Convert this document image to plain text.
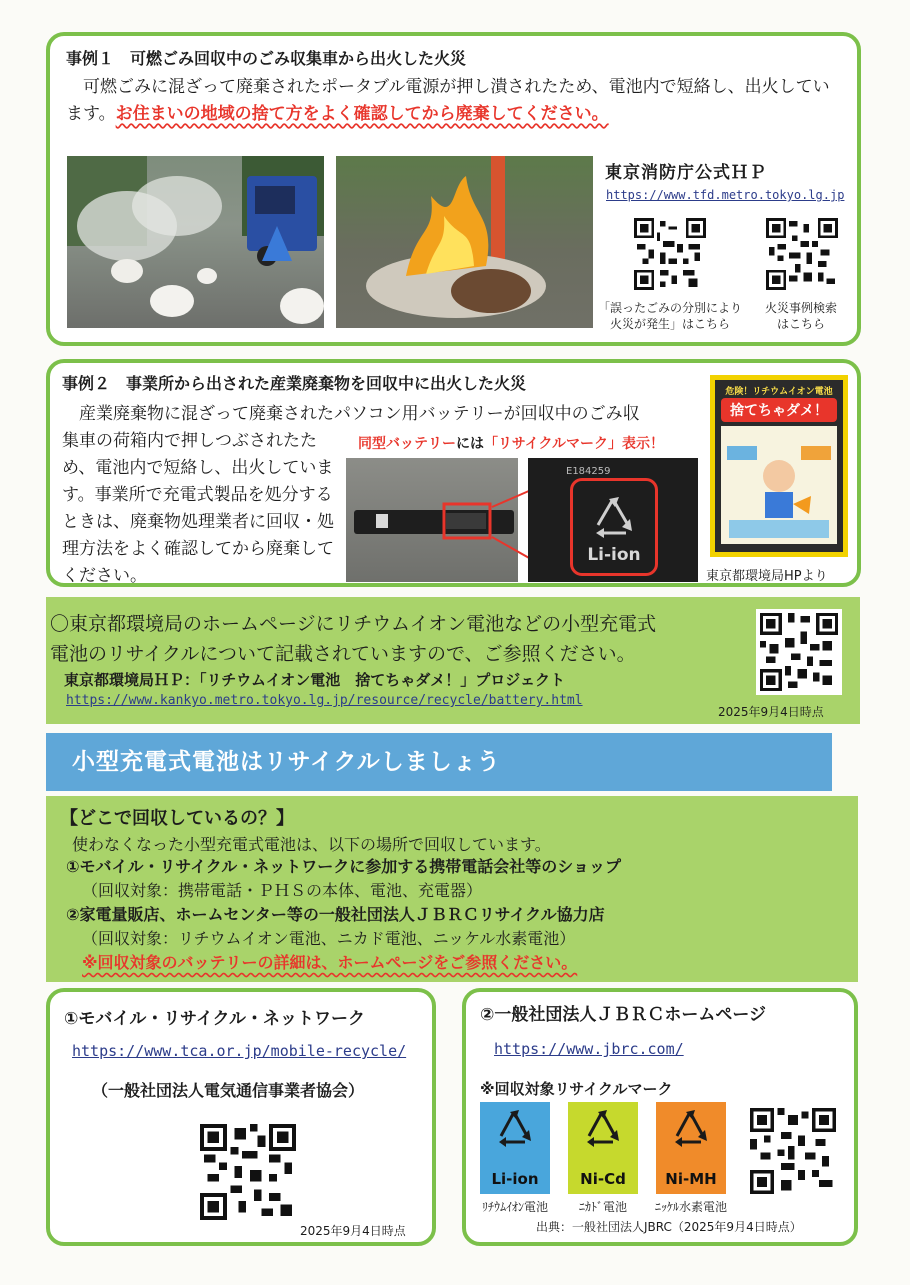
事例１　可燃ごみ回収中のごみ収集車から出火した火災
可燃ごみに混ざって廃棄されたポータブル電源が押し潰されたため、電池内で短絡し、出火しています。お住まいの地域の捨て方をよく確認してから廃棄してください。
東京消防庁公式ＨＰ
https://www.tfd.metro.tokyo.lg.jp
「誤ったごみの分別により
火災が発生」はこちら
火災事例検索
はこちら
事例２　事業所から出された産業廃棄物を回収中に出火した火災
産業廃棄物に混ざって廃棄されたパソコン用バッテリーが回収中のごみ収
集車の荷箱内で押しつぶされたため、電池内で短絡し、出火しています。事業所で充電式製品を処分するときは、廃棄物処理業者に回収・処理方法をよく確認してから廃棄してください。
同型バッテリーには「リサイクルマーク」表示！
E184259
Li-ion
危険！リチウムイオン電池
捨てちゃダメ！
東京都環境局HPより
〇東京都環境局のホームページにリチウムイオン電池などの小型充電式
電池のリサイクルについて記載されていますので、ご参照ください。
東京都環境局ＨＰ：「リチウムイオン電池　捨てちゃダメ！」プロジェクト
https://www.kankyo.metro.tokyo.lg.jp/resource/recycle/battery.html
2025年9月4日時点
小型充電式電池はリサイクルしましょう
【どこで回収しているの？】
使わなくなった小型充電式電池は、以下の場所で回収しています。
①モバイル・リサイクル・ネットワークに参加する携帯電話会社等のショップ
（回収対象：携帯電話・ＰＨＳの本体、電池、充電器）
②家電量販店、ホームセンター等の一般社団法人ＪＢＲＣリサイクル協力店
（回収対象：リチウムイオン電池、ニカド電池、ニッケル水素電池）
※回収対象のバッテリーの詳細は、ホームページをご参照ください。
①モバイル・リサイクル・ネットワーク
https://www.tca.or.jp/mobile-recycle/
（一般社団法人電気通信事業者協会）
2025年9月4日時点
②一般社団法人ＪＢＲＣホームページ
https://www.jbrc.com/
※回収対象リサイクルマーク
Li-ion	Ni-Cd	Ni-MH
ﾘﾁｳﾑｲｵﾝ電池	ﾆｶﾄﾞ電池	ﾆｯｹﾙ水素電池
出典：一般社団法人JBRC（2025年9月4日時点）
